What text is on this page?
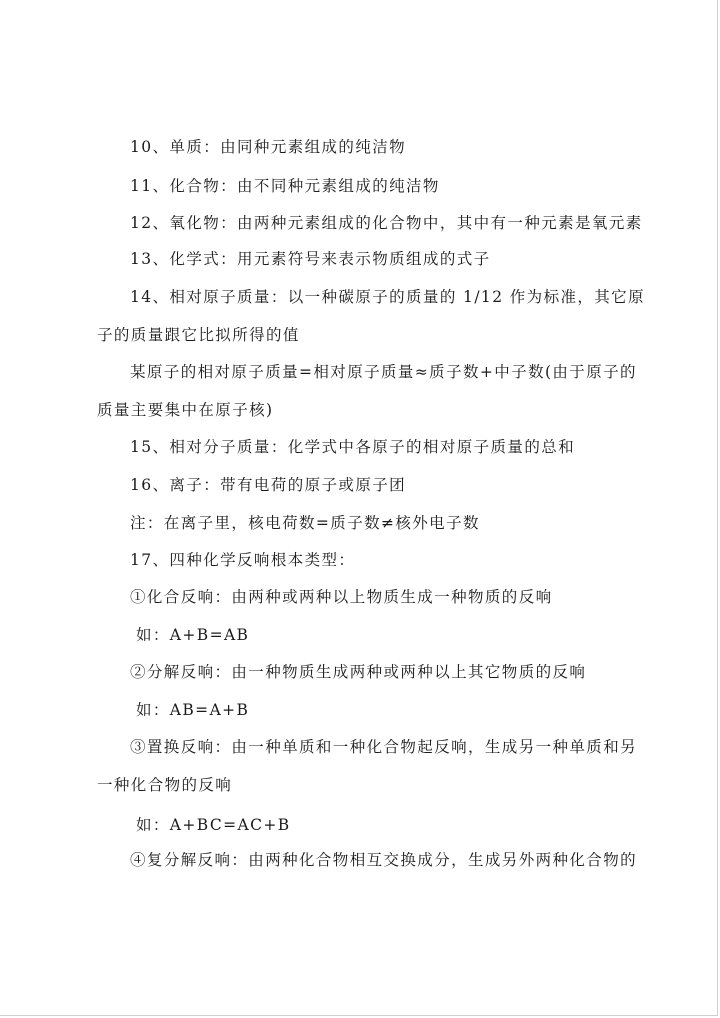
10、单质：由同种元素组成的纯洁物
11、化合物：由不同种元素组成的纯洁物
12、氧化物：由两种元素组成的化合物中，其中有一种元素是氧元素
13、化学式：用元素符号来表示物质组成的式子
14、相对原子质量：以一种碳原子的质量的 1/12 作为标准，其它原
子的质量跟它比拟所得的值
某原子的相对原子质量=相对原子质量≈质子数+中子数(由于原子的
质量主要集中在原子核)
15、相对分子质量：化学式中各原子的相对原子质量的总和
16、离子：带有电荷的原子或原子团
注：在离子里，核电荷数=质子数≠核外电子数
17、四种化学反响根本类型：
①化合反响：由两种或两种以上物质生成一种物质的反响
如：A+B=AB
②分解反响：由一种物质生成两种或两种以上其它物质的反响
如：AB=A+B
③置换反响：由一种单质和一种化合物起反响，生成另一种单质和另
一种化合物的反响
如：A+BC=AC+B
④复分解反响：由两种化合物相互交换成分，生成另外两种化合物的
